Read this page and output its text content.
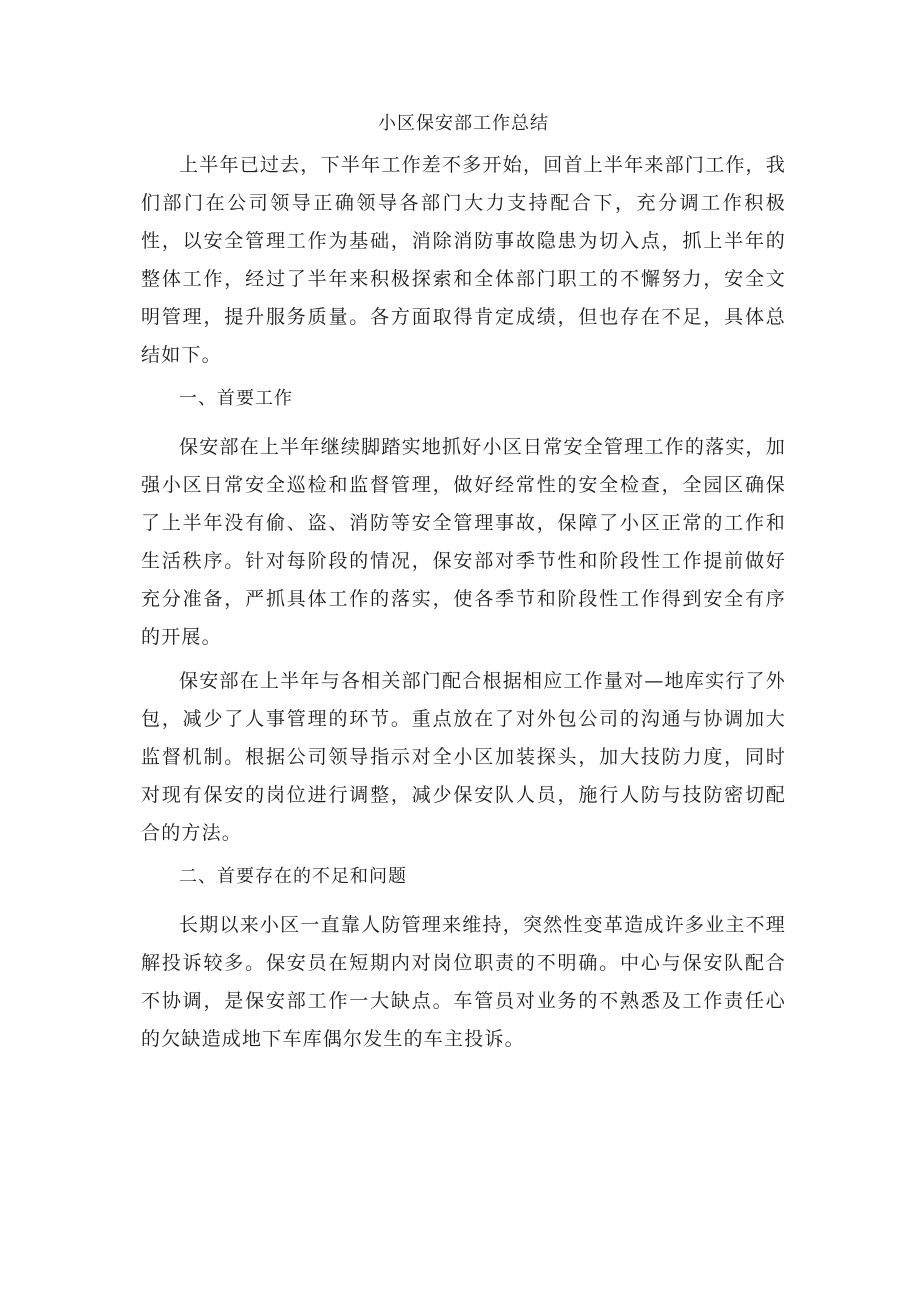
小区保安部工作总结

上半年已过去，下半年工作差不多开始，回首上半年来部门工作，我们部门在公司领导正确领导各部门大力支持配合下，充分调工作积极性，以安全管理工作为基础，消除消防事故隐患为切入点，抓上半年的整体工作，经过了半年来积极探索和全体部门职工的不懈努力，安全文明管理，提升服务质量。各方面取得肯定成绩，但也存在不足，具体总结如下。

一、首要工作

保安部在上半年继续脚踏实地抓好小区日常安全管理工作的落实，加强小区日常安全巡检和监督管理，做好经常性的安全检查，全园区确保了上半年没有偷、盗、消防等安全管理事故，保障了小区正常的工作和生活秩序。针对每阶段的情况，保安部对季节性和阶段性工作提前做好充分准备，严抓具体工作的落实，使各季节和阶段性工作得到安全有序的开展。

保安部在上半年与各相关部门配合根据相应工作量对—地库实行了外包，减少了人事管理的环节。重点放在了对外包公司的沟通与协调加大监督机制。根据公司领导指示对全小区加装探头，加大技防力度，同时对现有保安的岗位进行调整，减少保安队人员，施行人防与技防密切配合的方法。

二、首要存在的不足和问题

长期以来小区一直靠人防管理来维持，突然性变革造成许多业主不理解投诉较多。保安员在短期内对岗位职责的不明确。中心与保安队配合不协调，是保安部工作一大缺点。车管员对业务的不熟悉及工作责任心的欠缺造成地下车库偶尔发生的车主投诉。
